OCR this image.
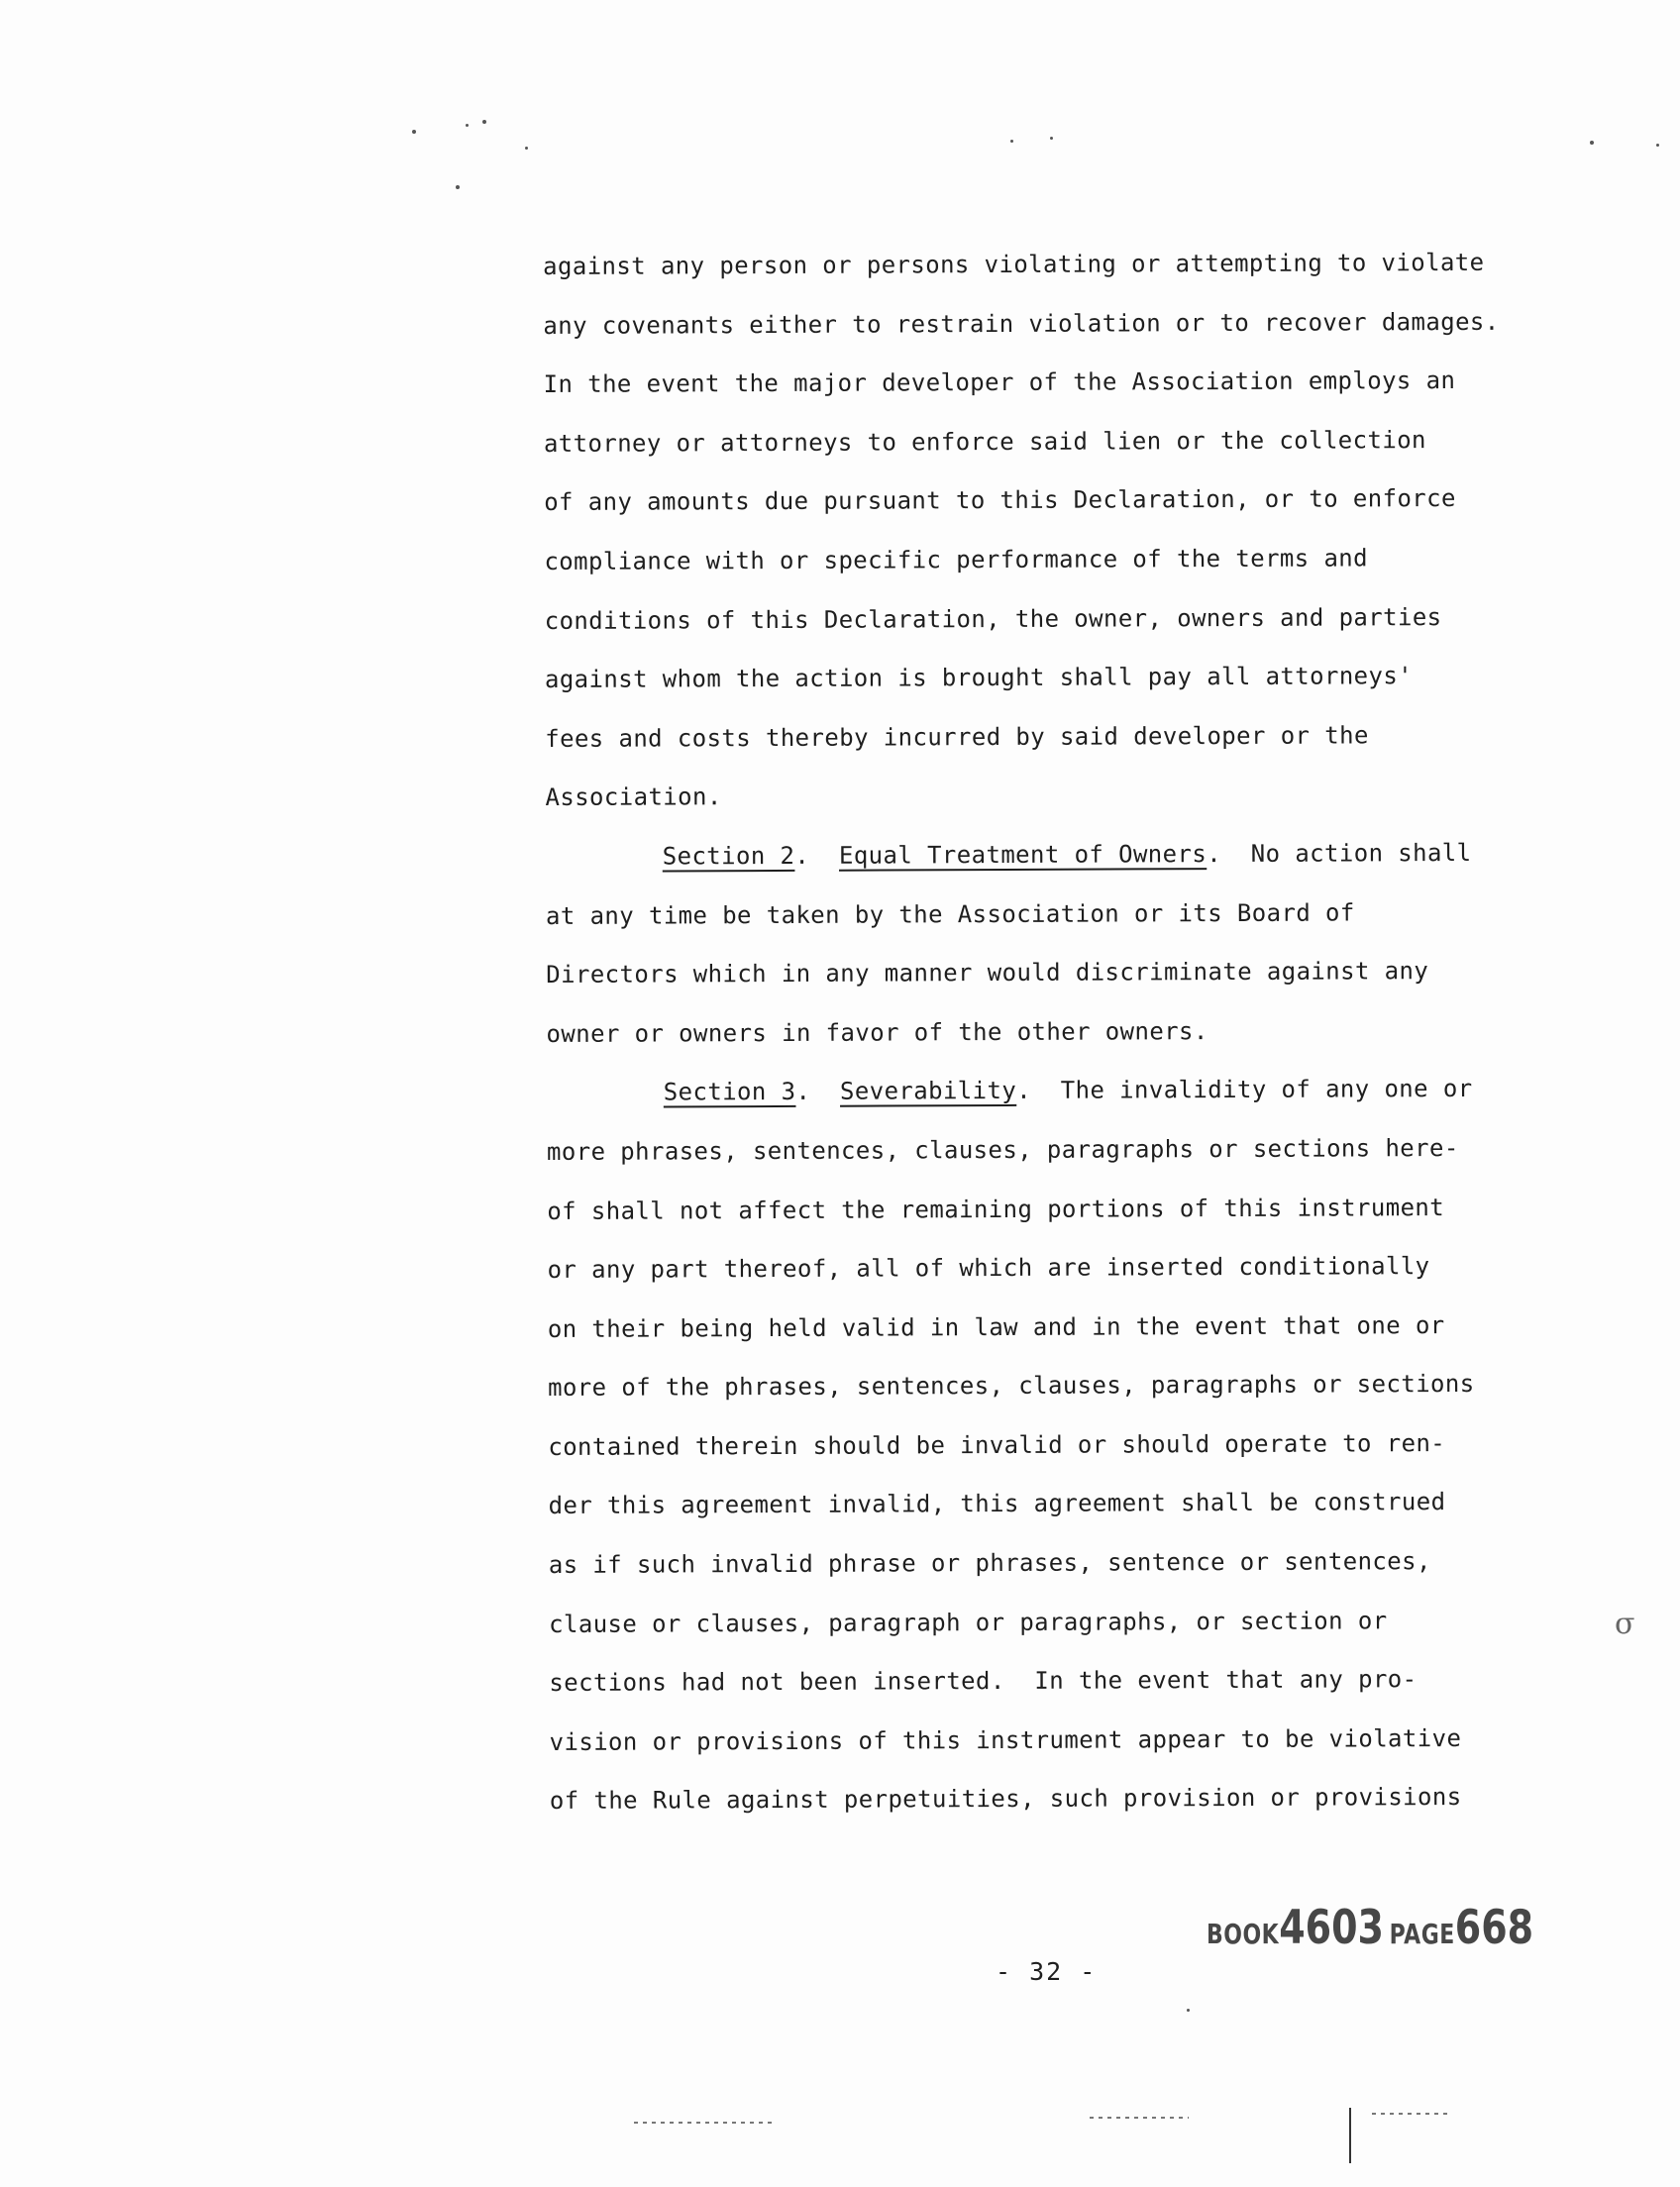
σ
against any person or persons violating or attempting to violate
any covenants either to restrain violation or to recover damages.
In the event the major developer of the Association employs an
attorney or attorneys to enforce said lien or the collection
of any amounts due pursuant to this Declaration, or to enforce
compliance with or specific performance of the terms and
conditions of this Declaration, the owner, owners and parties
against whom the action is brought shall pay all attorneys'
fees and costs thereby incurred by said developer or the
Association.
Section 2.  Equal Treatment of Owners.  No action shall
at any time be taken by the Association or its Board of
Directors which in any manner would discriminate against any
owner or owners in favor of the other owners.
Section 3.  Severability.  The invalidity of any one or
more phrases, sentences, clauses, paragraphs or sections here-
of shall not affect the remaining portions of this instrument
or any part thereof, all of which are inserted conditionally
on their being held valid in law and in the event that one or
more of the phrases, sentences, clauses, paragraphs or sections
contained therein should be invalid or should operate to ren-
der this agreement invalid, this agreement shall be construed
as if such invalid phrase or phrases, sentence or sentences,
clause or clauses, paragraph or paragraphs, or section or
sections had not been inserted.  In the event that any pro-
vision or provisions of this instrument appear to be violative
of the Rule against perpetuities, such provision or provisions
- 32 -
BOOK4603 PAGE668
